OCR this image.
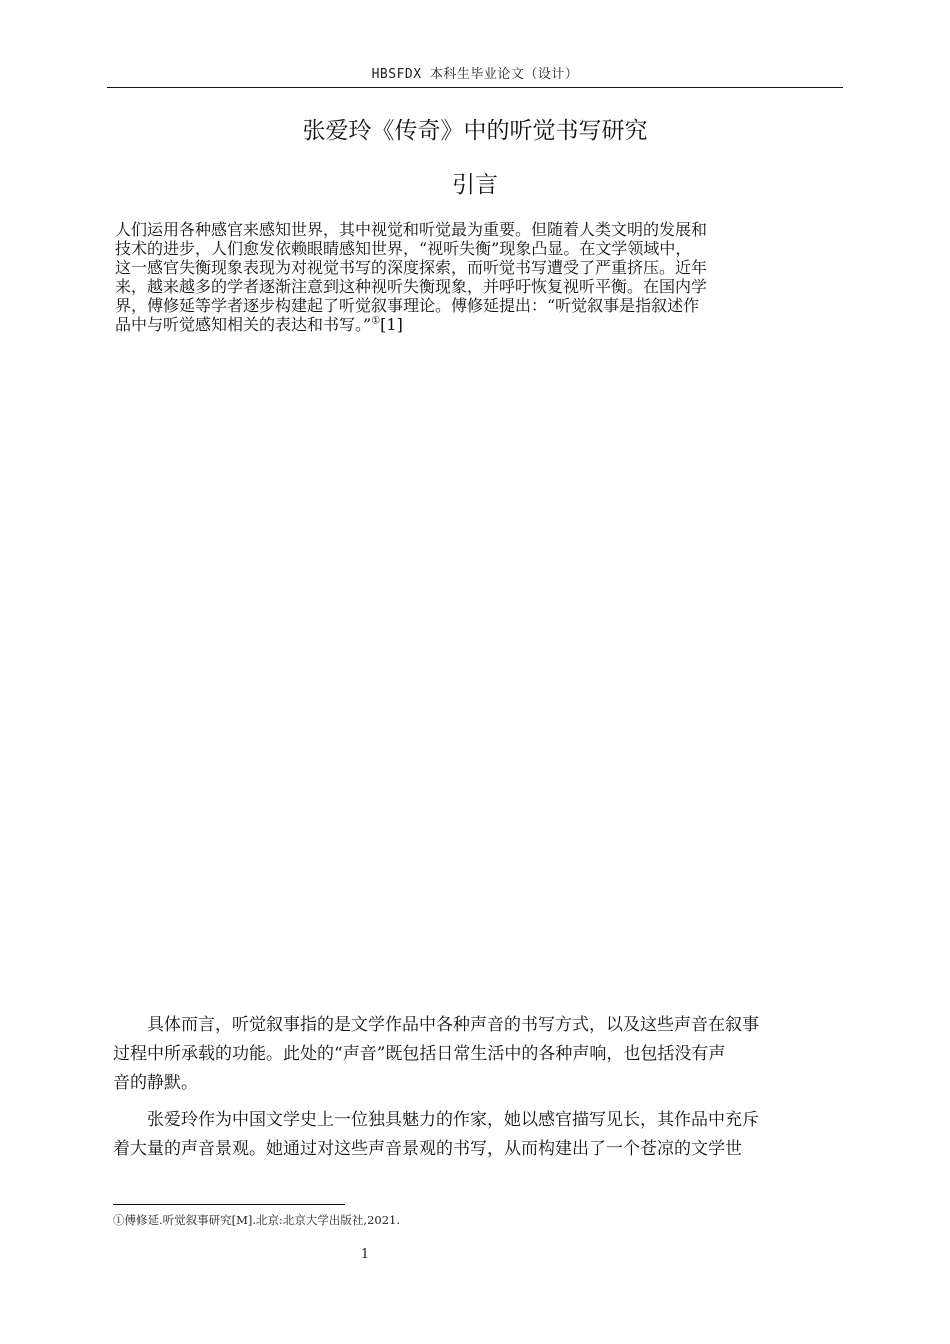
HBSFDX 本科生毕业论文（设计）
张爱玲《传奇》中的听觉书写研究
引言
人们运用各种感官来感知世界，其中视觉和听觉最为重要。但随着人类文明的发展和
技术的进步，人们愈发依赖眼睛感知世界，“视听失衡”现象凸显。在文学领域中，
这一感官失衡现象表现为对视觉书写的深度探索，而听觉书写遭受了严重挤压。近年
来，越来越多的学者逐渐注意到这种视听失衡现象，并呼吁恢复视听平衡。在国内学
界，傅修延等学者逐步构建起了听觉叙事理论。傅修延提出：“听觉叙事是指叙述作
品中与听觉感知相关的表达和书写。”①[1]
具体而言，听觉叙事指的是文学作品中各种声音的书写方式，以及这些声音在叙事
过程中所承载的功能。此处的“声音”既包括日常生活中的各种声响，也包括没有声
音的静默。
张爱玲作为中国文学史上一位独具魅力的作家，她以感官描写见长，其作品中充斥
着大量的声音景观。她通过对这些声音景观的书写，从而构建出了一个苍凉的文学世
①傅修延.听觉叙事研究[M].北京:北京大学出版社,2021.
1
